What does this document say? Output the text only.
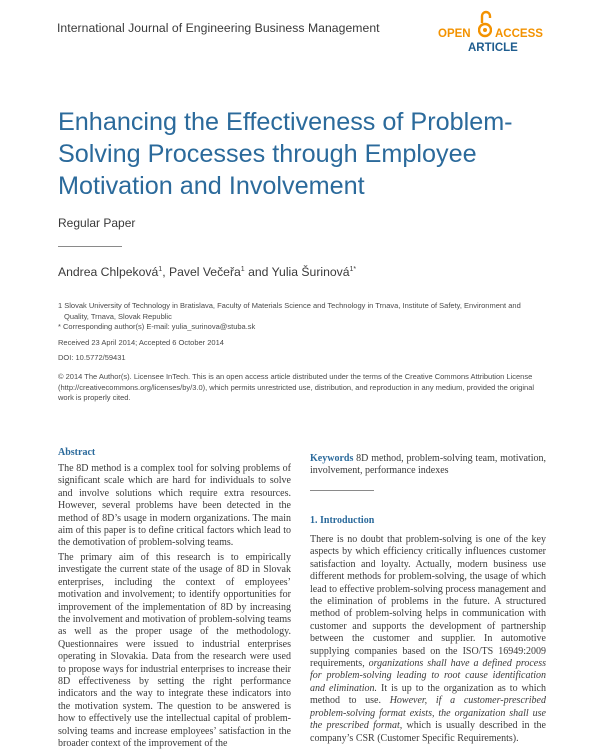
International Journal of Engineering Business Management	OPEN ACCESS
ARTICLE
Enhancing the Effectiveness of Problem-Solving Processes through Employee Motivation and Involvement
Regular Paper
Andrea Chlpeková$^1$, Pavel Večeřa$^1$ and Yulia Šurinová$^{1*}$
1 Slovak University of Technology in Bratislava, Faculty of Materials Science and Technology in Trnava, Institute of Safety, Environment and
Quality, Trnava, Slovak Republic
* Corresponding author(s) E-mail: yulia_surinova@stuba.sk
Received 23 April 2014; Accepted 6 October 2014
DOI: 10.5772/59431
© 2014 The Author(s). Licensee InTech. This is an open access article distributed under the terms of the Creative Commons Attribution License (http://creativecommons.org/licenses/by/3.0), which permits unrestricted use, distribution, and reproduction in any medium, provided the original work is properly cited.
Abstract
The 8D method is a complex tool for solving problems of significant scale which are hard for individuals to solve and involve solutions which require extra resources. However, several problems have been detected in the method of 8D’s usage in modern organizations. The main aim of this paper is to define critical factors which lead to the demotivation of problem-solving teams.
The primary aim of this research is to empirically investigate the current state of the usage of 8D in Slovak enterprises, including the context of employees’ motivation and involvement; to identify opportunities for improvement of the implementation of 8D by increasing the involvement and motivation of problem-solving teams as well as the proper usage of the methodology. Questionnaires were issued to industrial enterprises operating in Slovakia. Data from the research were used to propose ways for industrial enterprises to increase their 8D effectiveness by setting the right performance indicators and the way to integrate these indicators into the motivation system. The question to be answered is how to effectively use the intellectual capital of problem-solving teams and increase employees’ satisfaction in the broader context of the improvement of the
Keywords 8D method, problem-solving team, motivation, involvement, performance indexes
1. Introduction
There is no doubt that problem-solving is one of the key aspects by which efficiency critically influences customer satisfaction and loyalty. Actually, modern business use different methods for problem-solving, the usage of which lead to effective problem-solving process management and the elimination of problems in the future. A structured method of problem-solving helps in communication with customer and supports the development of partnership between the customer and supplier. In automotive supplying companies based on the ISO/TS 16949:2009 requirements, organizations shall have a defined process for problem-solving leading to root cause identification and elimination. It is up to the organization as to which method to use. However, if a customer-prescribed problem-solving format exists, the organization shall use the prescribed format, which is usually described in the company’s CSR (Customer Specific Requirements).
